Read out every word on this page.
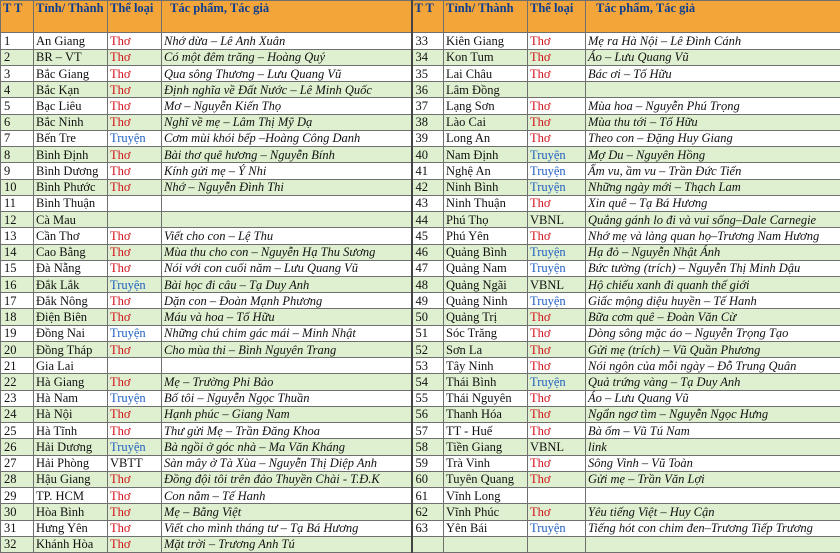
T T	Tỉnh/ Thành	Thể loại	Tác phẩm, Tác giả	T T	Tỉnh/ Thành	Thể loại	Tác phẩm, Tác giả
1	An Giang	Thơ	Nhớ dừa – Lê Anh Xuân	33	Kiên Giang	Thơ	Mẹ ra Hà Nội – Lê Đình Cánh
2	BR – VT	Thơ	Có một đêm trăng – Hoàng Quý	34	Kon Tum	Thơ	Áo – Lưu Quang Vũ
3	Bắc Giang	Thơ	Qua sông Thương – Lưu Quang Vũ	35	Lai Châu	Thơ	Bác ơi – Tố Hữu
4	Bắc Kạn	Thơ	Định nghĩa về Đất Nước – Lê Minh Quốc	36	Lâm Đồng		
5	Bạc Liêu	Thơ	Mơ – Nguyễn Kiến Thọ	37	Lạng Sơn	Thơ	Mùa hoa – Nguyễn Phú Trọng
6	Bắc Ninh	Thơ	Nghĩ về mẹ – Lâm Thị Mỹ Dạ	38	Lào Cai	Thơ	Mùa thu tới – Tố Hữu
7	Bến Tre	Truyện	Cơm mùi khói bếp –Hoàng Công Danh	39	Long An	Thơ	Theo con – Đặng Huy Giang
8	Bình Định	Thơ	Bài thơ quê hương – Nguyễn Bính	40	Nam Định	Truyện	Mợ Du – Nguyên Hồng
9	Bình Dương	Thơ	Kính gửi mẹ – Ý Nhi	41	Nghệ An	Truyện	Ấm vu, ầm vu – Trần Đức Tiến
10	Bình Phước	Thơ	Nhớ – Nguyễn Đình Thi	42	Ninh Bình	Truyện	Những ngày mới – Thạch Lam
11	Bình Thuận			43	Ninh Thuận	Thơ	Xin quê – Tạ Bá Hương
12	Cà Mau			44	Phú Thọ	VBNL	Quẳng gánh lo đi và vui sống–Dale Carnegie
13	Cần Thơ	Thơ	Viết cho con – Lệ Thu	45	Phú Yên	Thơ	Nhớ mẹ và làng quan họ–Trương Nam Hương
14	Cao Bằng	Thơ	Mùa thu cho con – Nguyễn Hạ Thu Sương	46	Quảng Bình	Truyện	Hạ đỏ – Nguyễn Nhật Ánh
15	Đà Nẵng	Thơ	Nói với con cuối năm – Lưu Quang Vũ	47	Quảng Nam	Truyện	Bức tường (trích) – Nguyễn Thị Minh Dậu
16	Đắk Lắk	Truyện	Bài học đi câu – Tạ Duy Anh	48	Quảng Ngãi	VBNL	Hộ chiếu xanh đi quanh thế giới
17	Đắk Nông	Thơ	Dặn con – Đoàn Mạnh Phương	49	Quảng Ninh	Truyện	Giấc mộng diệu huyền – Tế Hanh
18	Điện Biên	Thơ	Máu và hoa – Tố Hữu	50	Quảng Trị	Thơ	Bữa cơm quê – Đoàn Văn Cừ
19	Đồng Nai	Truyện	Những chú chim gác mái – Minh Nhật	51	Sóc Trăng	Thơ	Dòng sông mặc áo – Nguyễn Trọng Tạo
20	Đồng Tháp	Thơ	Cho mùa thi – Bình Nguyên Trang	52	Sơn La	Thơ	Gửi mẹ (trích) – Vũ Quần Phương
21	Gia Lai			53	Tây Ninh	Thơ	Nói ngôn của mỗi ngày – Đỗ Trung Quân
22	Hà Giang	Thơ	Mẹ – Trường Phi Bảo	54	Thái Bình	Truyện	Quả trứng vàng – Tạ Duy Anh
23	Hà Nam	Truyện	Bố tôi – Nguyễn Ngọc Thuần	55	Thái Nguyên	Thơ	Áo – Lưu Quang Vũ
24	Hà Nội	Thơ	Hạnh phúc – Giang Nam	56	Thanh Hóa	Thơ	Ngẩn ngơ tìm – Nguyễn Ngọc Hưng
25	Hà Tĩnh	Thơ	Thư gửi Mẹ – Trần Đăng Khoa	57	TT - Huế	Thơ	Bà ốm – Vũ Tú Nam
26	Hải Dương	Truyện	Bà ngồi ở góc nhà – Ma Văn Kháng	58	Tiền Giang	VBNL	link
27	Hải Phòng	VBTT	Sàn mây ở Tà Xùa – Nguyễn Thị Diệp Anh	59	Trà Vinh	Thơ	Sông Vinh – Vũ Toàn
28	Hậu Giang	Thơ	Đồng đội tôi trên đảo Thuyền Chài - T.Đ.K	60	Tuyên Quang	Thơ	Gửi mẹ – Trần Văn Lợi
29	TP. HCM	Thơ	Con nằm – Tế Hanh	61	Vĩnh Long		
30	Hòa Bình	Thơ	Mẹ – Bằng Việt	62	Vĩnh Phúc	Thơ	Yêu tiếng Việt – Huy Cận
31	Hưng Yên	Thơ	Viết cho mình tháng tư – Tạ Bá Hương	63	Yên Bái	Truyện	Tiếng hót con chim đen–Trương Tiếp Trương
32	Khánh Hòa	Thơ	Mặt trời – Trương Anh Tú				
